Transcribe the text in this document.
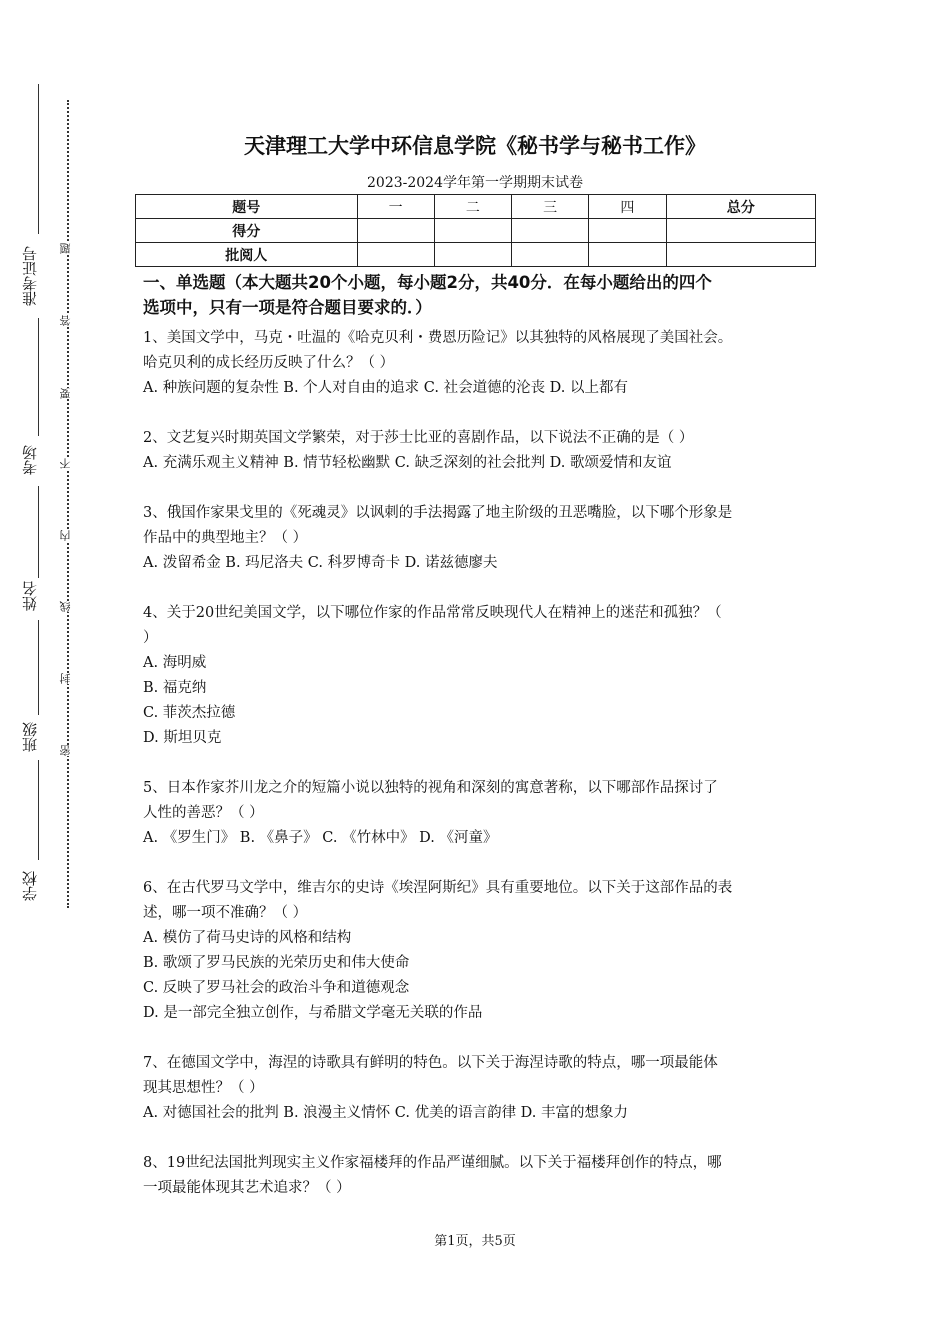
准考证号
考场
姓名
班级
学校
题
答
要
不
内
线
封
密
天津理工大学中环信息学院《秘书学与秘书工作》
2023-2024学年第一学期期末试卷
题号	一	二	三	四	总分
得分					
批阅人					

一、单选题（本大题共20个小题，每小题2分，共40分．在每小题给出的四个

选项中，只有一项是符合题目要求的．）

1、美国文学中，马克・吐温的《哈克贝利・费恩历险记》以其独特的风格展现了美国社会。

哈克贝利的成长经历反映了什么？（ ）

A. 种族问题的复杂性 B. 个人对自由的追求 C. 社会道德的沦丧 D. 以上都有

2、文艺复兴时期英国文学繁荣，对于莎士比亚的喜剧作品，以下说法不正确的是（ ）

A. 充满乐观主义精神 B. 情节轻松幽默 C. 缺乏深刻的社会批判 D. 歌颂爱情和友谊

3、俄国作家果戈里的《死魂灵》以讽刺的手法揭露了地主阶级的丑恶嘴脸，以下哪个形象是

作品中的典型地主？（ ）

A. 泼留希金 B. 玛尼洛夫 C. 科罗博奇卡 D. 诺兹德廖夫

4、关于20世纪美国文学，以下哪位作家的作品常常反映现代人在精神上的迷茫和孤独？（

）

A. 海明威

B. 福克纳

C. 菲茨杰拉德

D. 斯坦贝克

5、日本作家芥川龙之介的短篇小说以独特的视角和深刻的寓意著称，以下哪部作品探讨了

人性的善恶？（ ）

A. 《罗生门》 B. 《鼻子》 C. 《竹林中》 D. 《河童》

6、在古代罗马文学中，维吉尔的史诗《埃涅阿斯纪》具有重要地位。以下关于这部作品的表

述，哪一项不准确？（ ）

A. 模仿了荷马史诗的风格和结构

B. 歌颂了罗马民族的光荣历史和伟大使命

C. 反映了罗马社会的政治斗争和道德观念

D. 是一部完全独立创作，与希腊文学毫无关联的作品

7、在德国文学中，海涅的诗歌具有鲜明的特色。以下关于海涅诗歌的特点，哪一项最能体

现其思想性？（ ）

A. 对德国社会的批判 B. 浪漫主义情怀 C. 优美的语言韵律 D. 丰富的想象力

8、19世纪法国批判现实主义作家福楼拜的作品严谨细腻。以下关于福楼拜创作的特点，哪

一项最能体现其艺术追求？（ ）

第1页，共5页
